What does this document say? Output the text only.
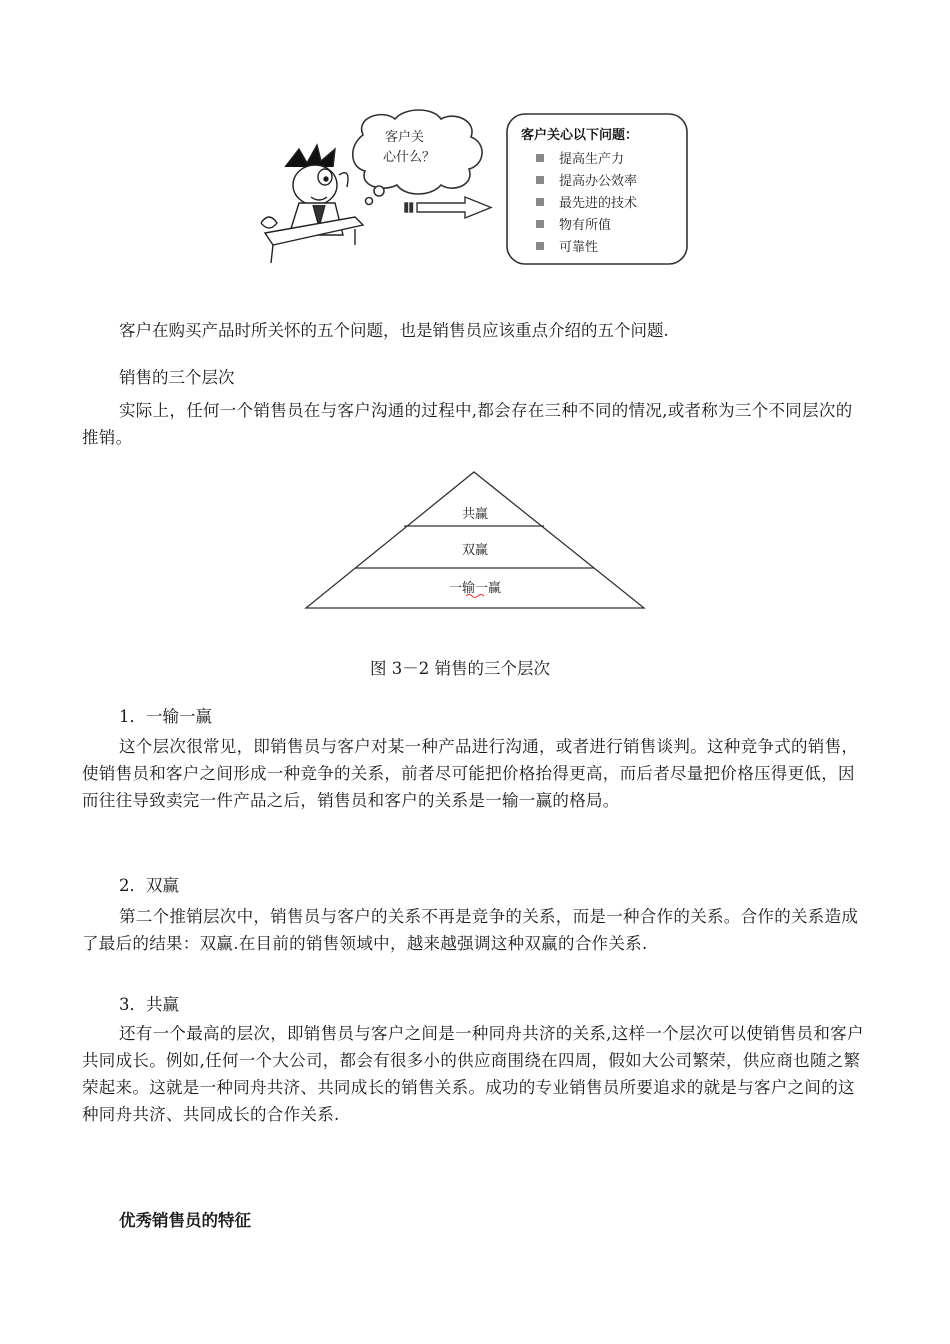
客户关
心什么？
客户关心以下问题：
提高生产力
提高办公效率
最先进的技术
物有所值
可靠性

客户在购买产品时所关怀的五个问题，也是销售员应该重点介绍的五个问题.

销售的三个层次

实际上，任何一个销售员在与客户沟通的过程中,都会存在三种不同的情况,或者称为三个不同层次的推销。

共赢
双赢
一输一赢

图 3－2 销售的三个层次

1．一输一赢

这个层次很常见，即销售员与客户对某一种产品进行沟通，或者进行销售谈判。这种竞争式的销售，使销售员和客户之间形成一种竞争的关系，前者尽可能把价格抬得更高，而后者尽量把价格压得更低，因而往往导致卖完一件产品之后，销售员和客户的关系是一输一赢的格局。

2．双赢

第二个推销层次中，销售员与客户的关系不再是竞争的关系，而是一种合作的关系。合作的关系造成了最后的结果：双赢.在目前的销售领域中，越来越强调这种双赢的合作关系.

3．共赢

还有一个最高的层次，即销售员与客户之间是一种同舟共济的关系,这样一个层次可以使销售员和客户共同成长。例如,任何一个大公司，都会有很多小的供应商围绕在四周，假如大公司繁荣，供应商也随之繁荣起来。这就是一种同舟共济、共同成长的销售关系。成功的专业销售员所要追求的就是与客户之间的这种同舟共济、共同成长的合作关系.

优秀销售员的特征
